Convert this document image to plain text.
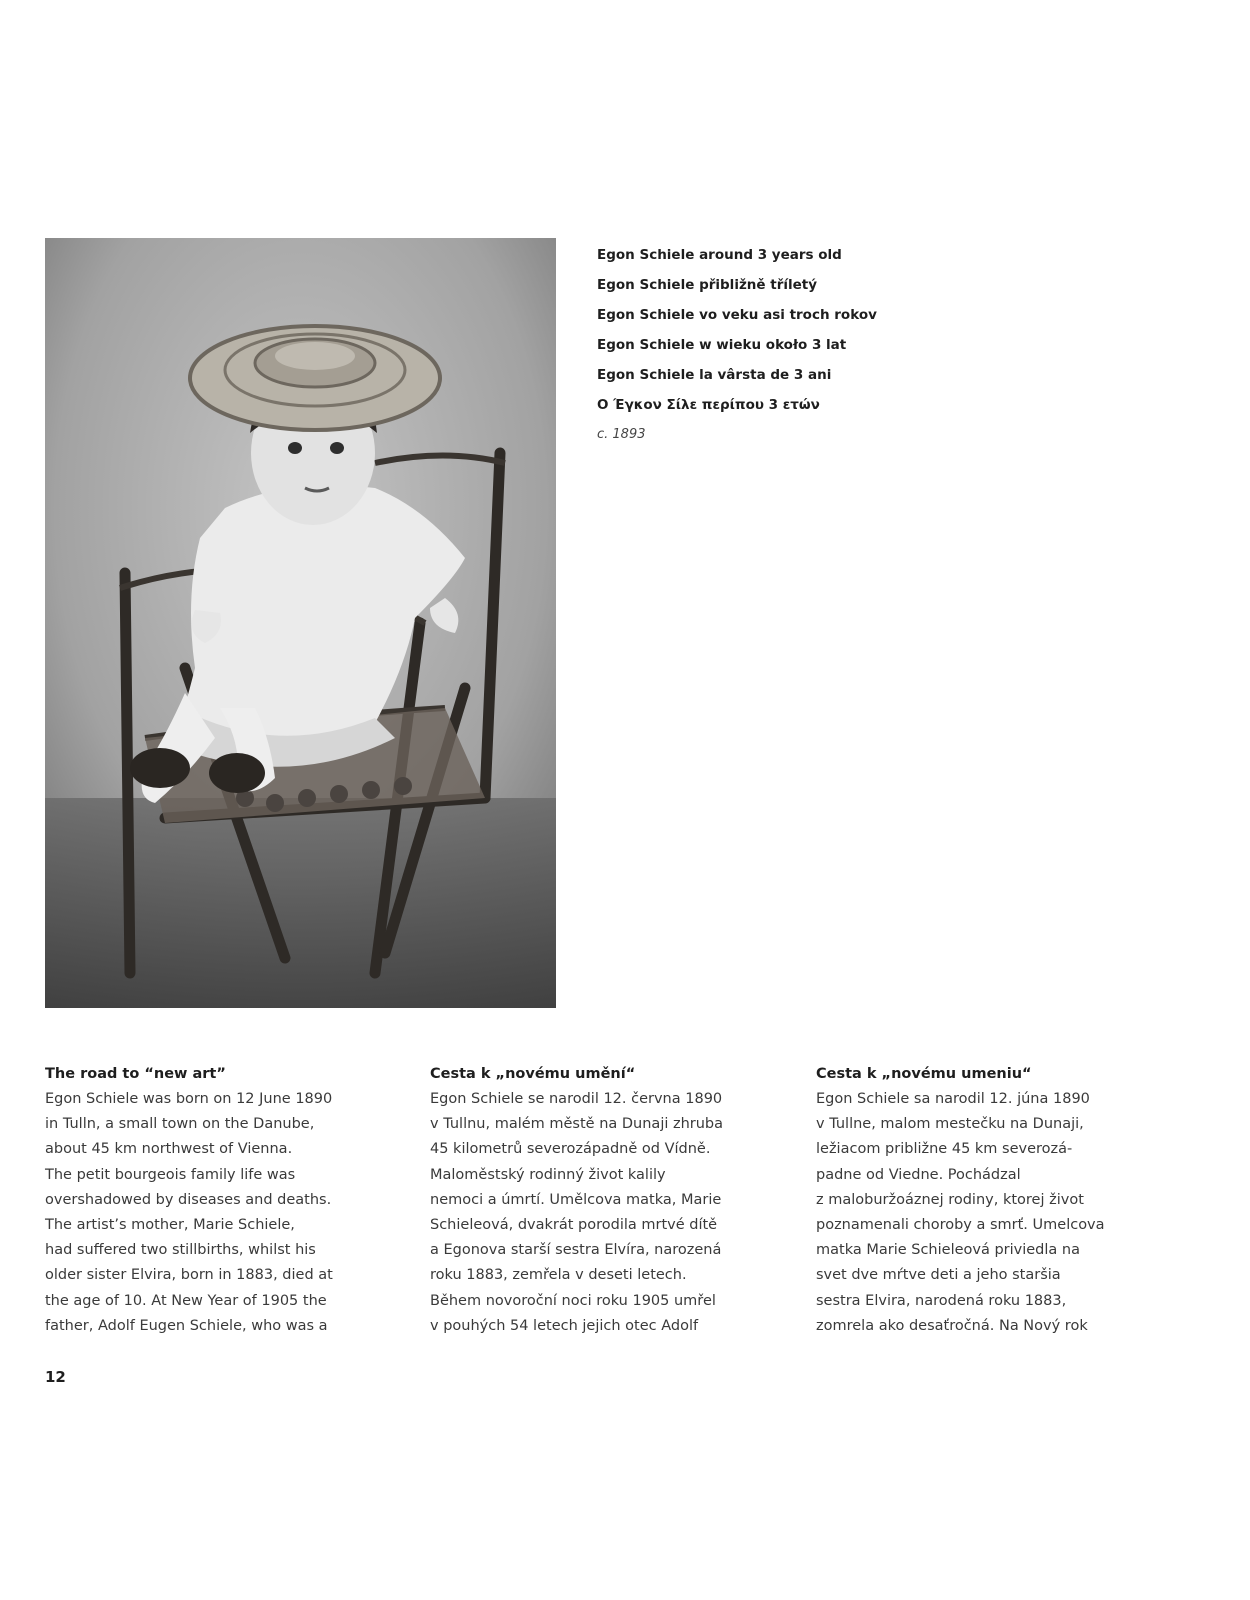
Egon Schiele around 3 years old
Egon Schiele přibližně tříletý
Egon Schiele vo veku asi troch rokov
Egon Schiele w wieku około 3 lat
Egon Schiele la vârsta de 3 ani
Ο Έγκον Σίλε περίπου 3 ετών
c. 1893
The road to “new art”
Egon Schiele was born on 12 June 1890
in Tulln, a small town on the Danube,
about 45 km northwest of Vienna.
The petit bourgeois family life was
overshadowed by diseases and deaths.
The artist’s mother, Marie Schiele,
had suffered two stillbirths, whilst his
older sister Elvira, born in 1883, died at
the age of 10. At New Year of 1905 the
father, Adolf Eugen Schiele, who was a
Cesta k „novému umění“
Egon Schiele se narodil 12. června 1890
v Tullnu, malém městě na Dunaji zhruba
45 kilometrů severozápadně od Vídně.
Maloměstský rodinný život kalily
nemoci a úmrtí. Umělcova matka, Marie
Schieleová, dvakrát porodila mrtvé dítě
a Egonova starší sestra Elvíra, narozená
roku 1883, zemřela v deseti letech.
Během novoroční noci roku 1905 umřel
v pouhých 54 letech jejich otec Adolf
Cesta k „novému umeniu“
Egon Schiele sa narodil 12. júna 1890
v Tullne, malom mestečku na Dunaji,
ležiacom približne 45 km severozá-
padne od Viedne. Pochádzal
z maloburžoáznej rodiny, ktorej život
poznamenali choroby a smrť. Umelcova
matka Marie Schieleová priviedla na
svet dve mŕtve deti a jeho staršia
sestra Elvira, narodená roku 1883,
zomrela ako desaťročná. Na Nový rok
12
